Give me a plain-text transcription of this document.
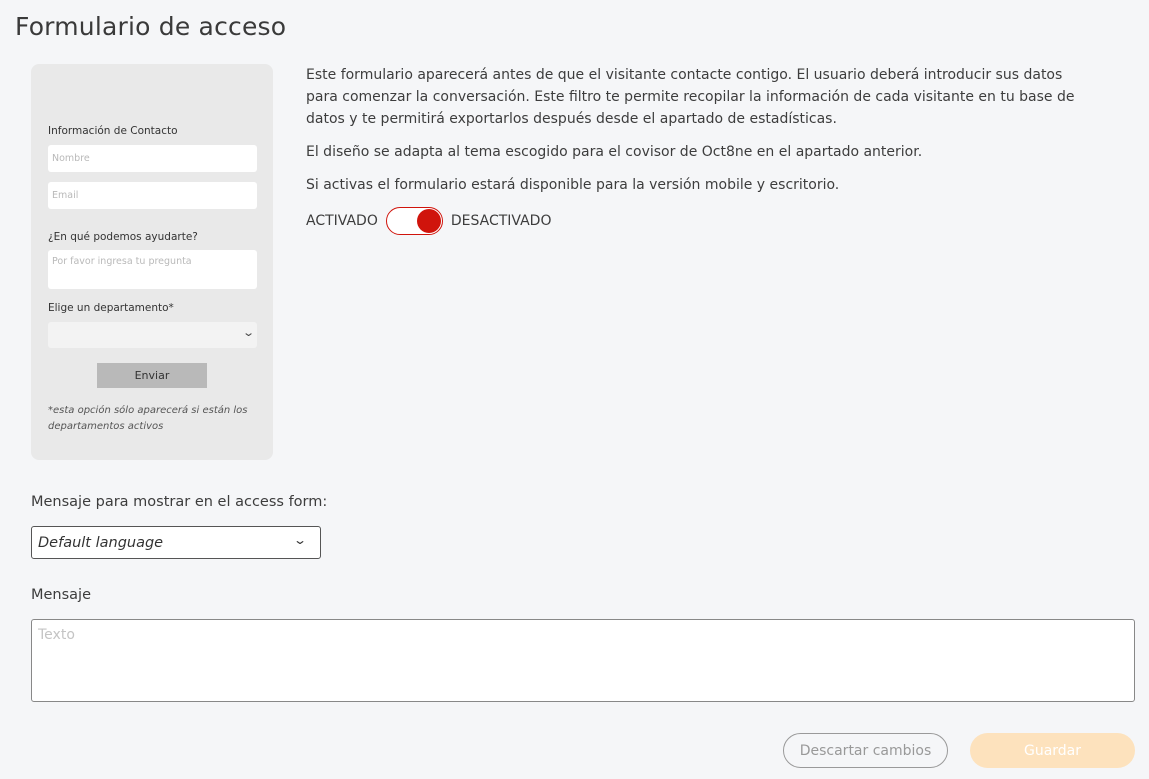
Formulario de acceso
Información de Contacto
Nombre
Email
¿En qué podemos ayudarte?
Por favor ingresa tu pregunta
Elige un departamento*
⌄
Enviar
*esta opción sólo aparecerá si están los departamentos activos

Este formulario aparecerá antes de que el visitante contacte contigo. El usuario deberá introducir sus datos para comenzar la conversación. Este filtro te permite recopilar la información de cada visitante en tu base de datos y te permitirá exportarlos después desde el apartado de estadísticas.

El diseño se adapta al tema escogido para el covisor de Oct8ne en el apartado anterior.

Si activas el formulario estará disponible para la versión mobile y escritorio.

ACTIVADO	DESACTIVADO
Mensaje para mostrar en el access form:
Default language	⌄
Mensaje
Texto
Descartar cambios	Guardar
